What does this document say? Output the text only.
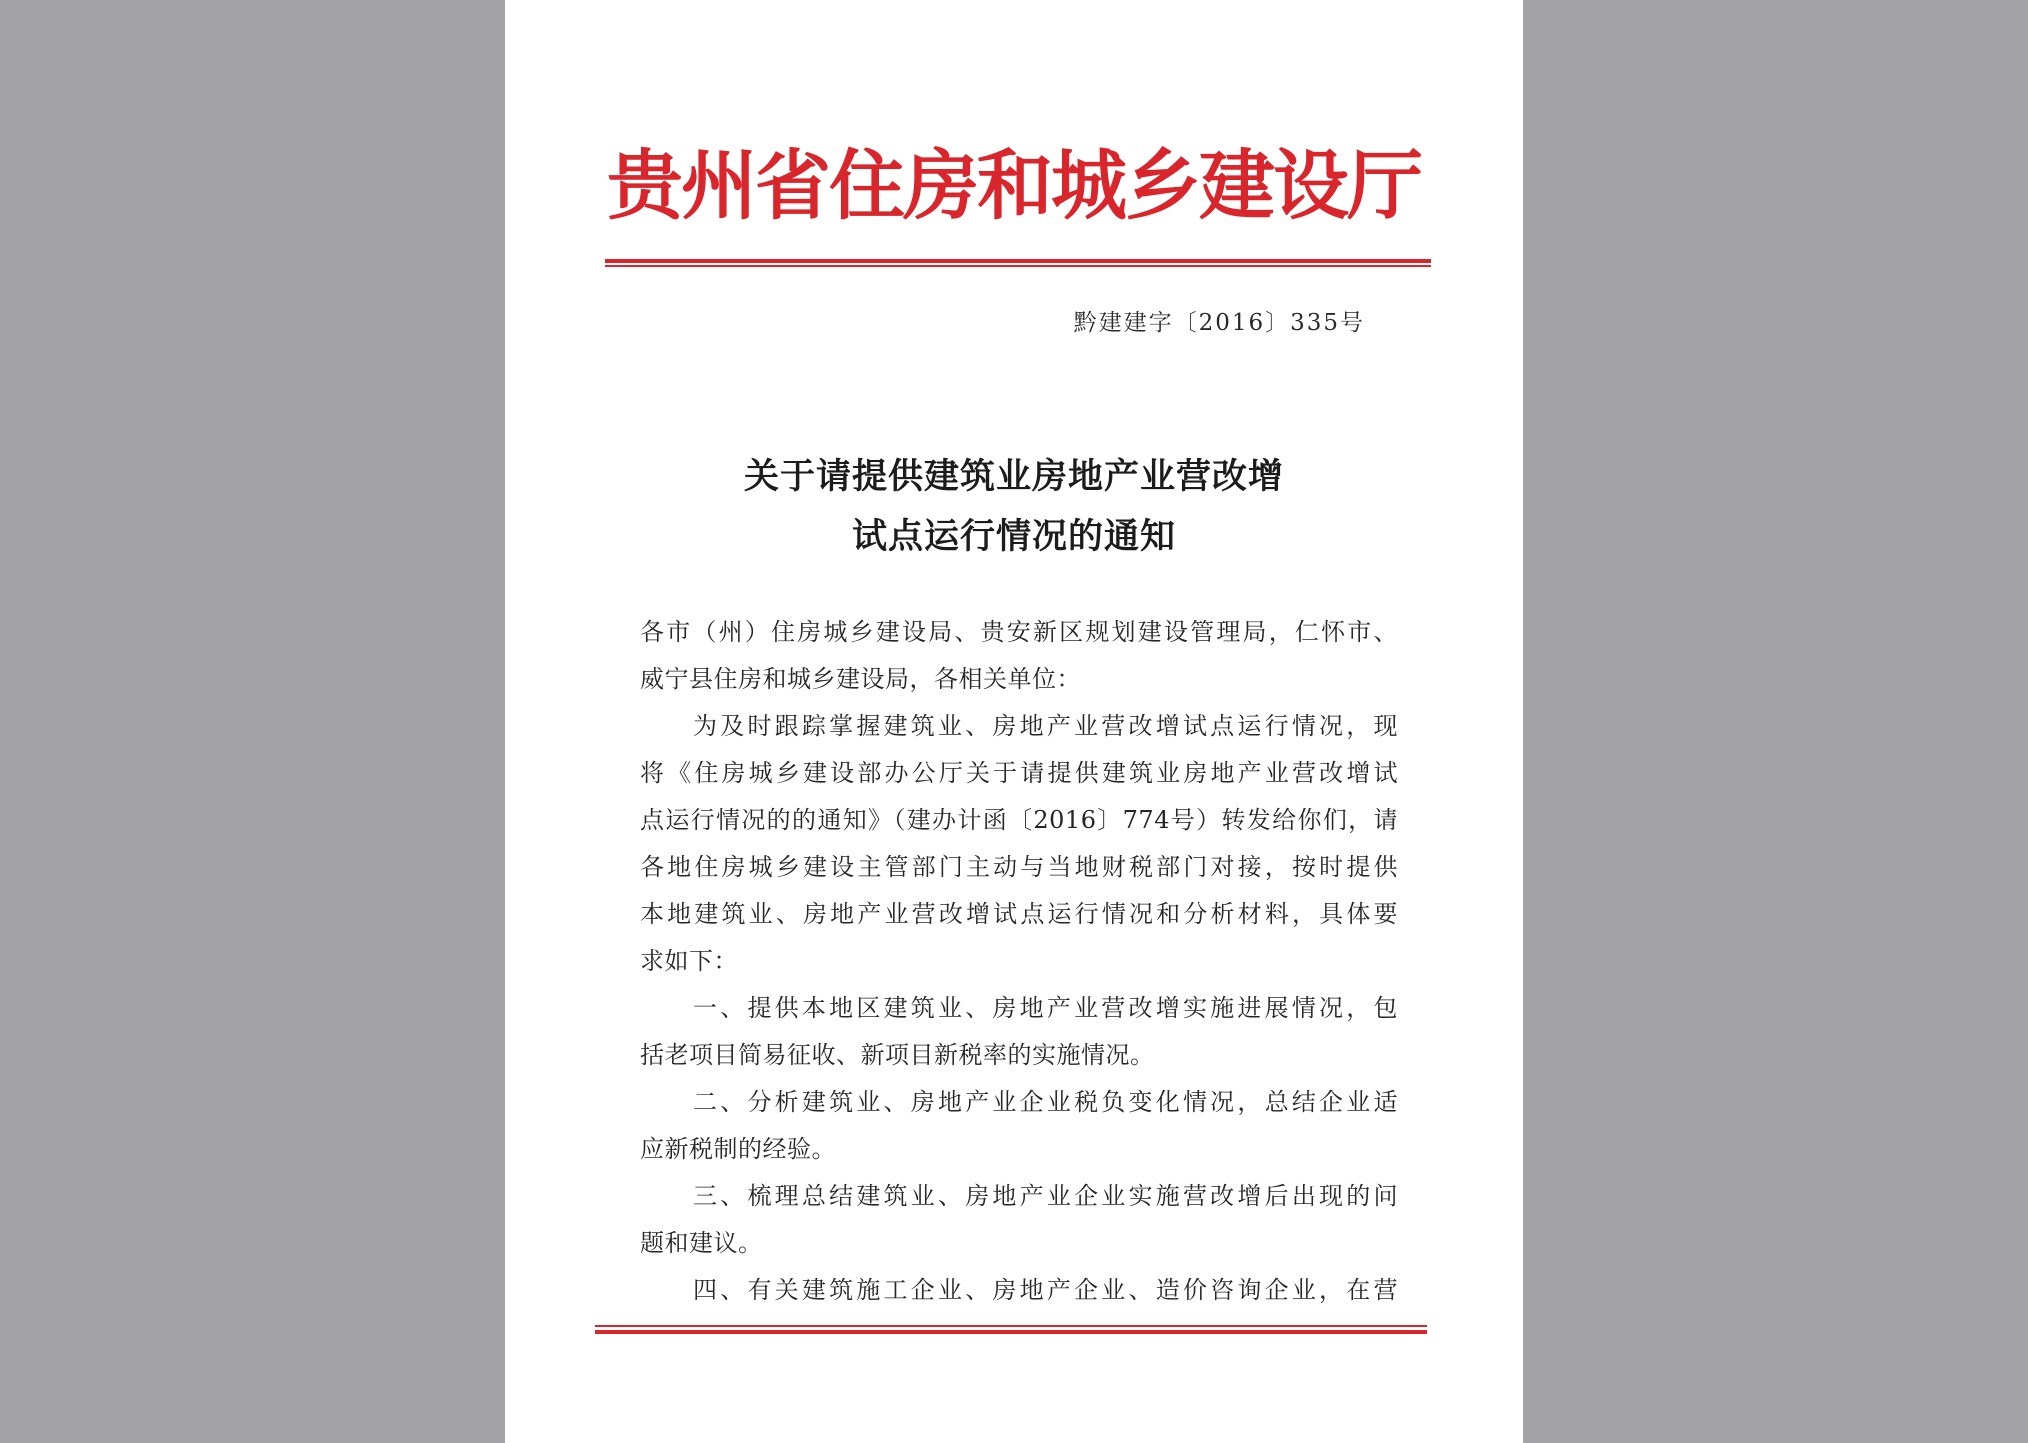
贵州省住房和城乡建设厅
黔建建字〔2016〕335号
关于请提供建筑业房地产业营改增
试点运行情况的通知
各市（州）住房城乡建设局、贵安新区规划建设管理局，仁怀市、
威宁县住房和城乡建设局，各相关单位：
为及时跟踪掌握建筑业、房地产业营改增试点运行情况，现
将《住房城乡建设部办公厅关于请提供建筑业房地产业营改增试
点运行情况的的通知》（建办计函〔2016〕774号）转发给你们，请
各地住房城乡建设主管部门主动与当地财税部门对接，按时提供
本地建筑业、房地产业营改增试点运行情况和分析材料，具体要
求如下：
一、提供本地区建筑业、房地产业营改增实施进展情况，包
括老项目简易征收、新项目新税率的实施情况。
二、分析建筑业、房地产业企业税负变化情况，总结企业适
应新税制的经验。
三、梳理总结建筑业、房地产业企业实施营改增后出现的问
题和建议。
四、有关建筑施工企业、房地产企业、造价咨询企业，在营
